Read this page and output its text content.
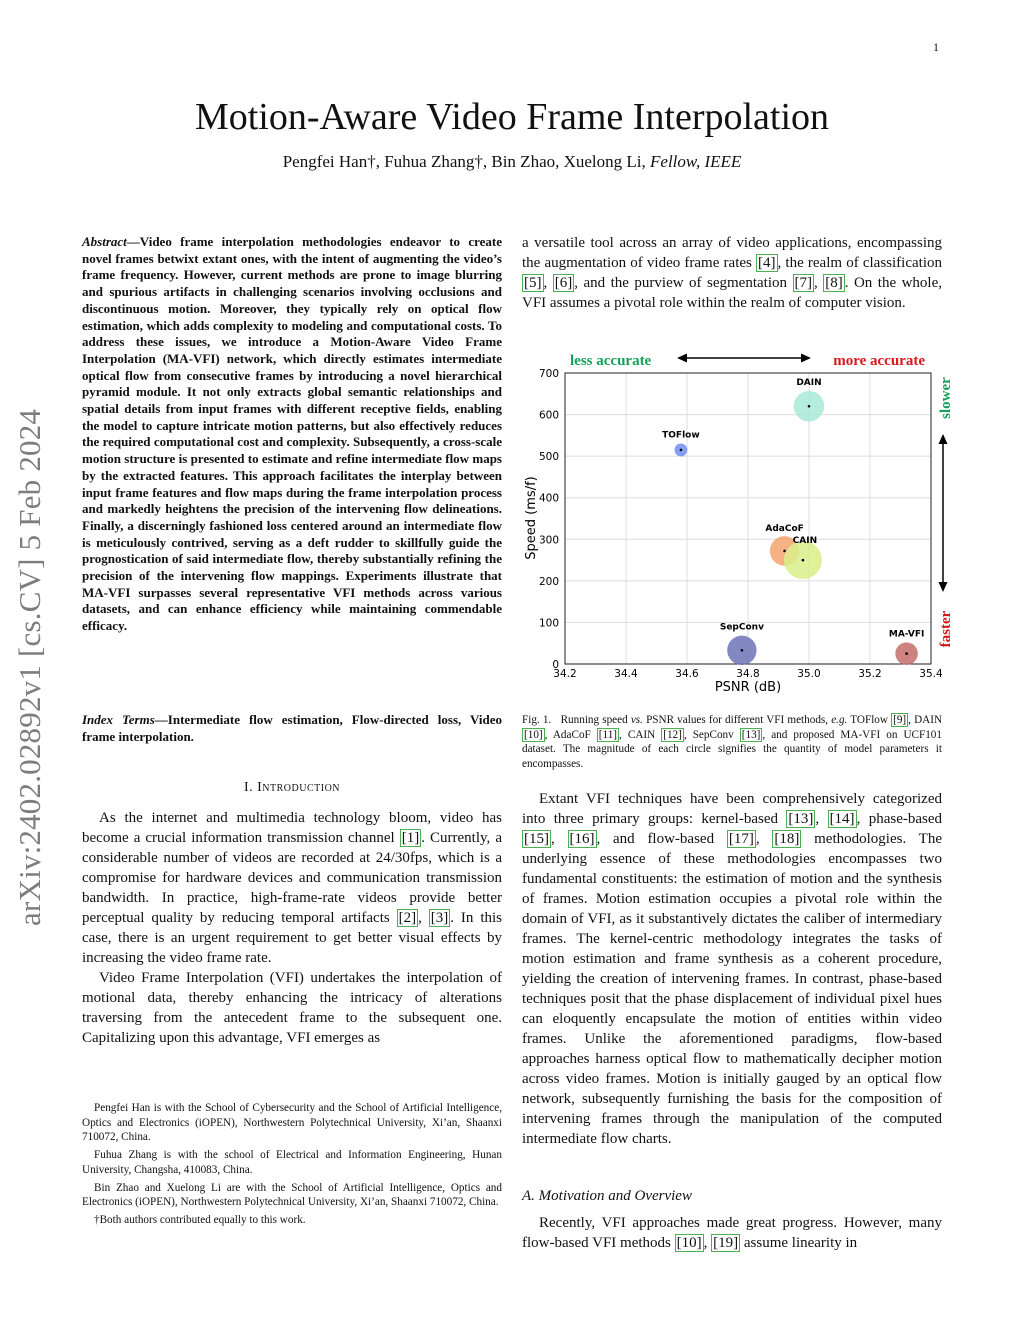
1
Motion-Aware Video Frame Interpolation
Pengfei Han†, Fuhua Zhang†, Bin Zhao, Xuelong Li, Fellow, IEEE
arXiv:2402.02892v1 [cs.CV] 5 Feb 2024
Abstract—Video frame interpolation methodologies endeavor to create novel frames betwixt extant ones, with the intent of augmenting the video’s frame frequency. However, current methods are prone to image blurring and spurious artifacts in challenging scenarios involving occlusions and discontinuous motion. Moreover, they typically rely on optical flow estimation, which adds complexity to modeling and computational costs. To address these issues, we introduce a Motion-Aware Video Frame Interpolation (MA-VFI) network, which directly estimates intermediate optical flow from consecutive frames by introducing a novel hierarchical pyramid module. It not only extracts global semantic relationships and spatial details from input frames with different receptive fields, enabling the model to capture intricate motion patterns, but also effectively reduces the required computational cost and complexity. Subsequently, a cross-scale motion structure is presented to estimate and refine intermediate flow maps by the extracted features. This approach facilitates the interplay between input frame features and flow maps during the frame interpolation process and markedly heightens the precision of the intervening flow delineations. Finally, a discerningly fashioned loss centered around an intermediate flow is meticulously contrived, serving as a deft rudder to skillfully guide the prognostication of said intermediate flow, thereby substantially refining the precision of the intervening flow mappings. Experiments illustrate that MA-VFI surpasses several representative VFI methods across various datasets, and can enhance efficiency while maintaining commendable efficacy.
Index Terms—Intermediate flow estimation, Flow-directed loss, Video frame interpolation.
I. Introduction

As the internet and multimedia technology bloom, video has become a crucial information transmission channel [1] . Currently, a considerable number of videos are recorded at 24/30fps, which is a compromise for hardware devices and communication transmission bandwidth. In practice, high-frame-rate videos provide better perceptual quality by reducing temporal artifacts [2] , [3] . In this case, there is an urgent requirement to get better visual effects by increasing the video frame rate.

Video Frame Interpolation (VFI) undertakes the interpolation of motional data, thereby enhancing the intricacy of alterations traversing from the antecedent frame to the subsequent one. Capitalizing upon this advantage, VFI emerges as

Pengfei Han is with the School of Cybersecurity and the School of Artificial Intelligence, Optics and Electronics (iOPEN), Northwestern Polytechnical University, Xi’an, Shaanxi 710072, China.

Fuhua Zhang is with the school of Electrical and Information Engineering, Hunan University, Changsha, 410083, China.

Bin Zhao and Xuelong Li are with the School of Artificial Intelligence, Optics and Electronics (iOPEN), Northwestern Polytechnical University, Xi’an, Shaanxi 710072, China.

†Both authors contributed equally to this work.

a versatile tool across an array of video applications, encompassing the augmentation of video frame rates [4] , the realm of classification [5] , [6] , and the purview of segmentation [7] , [8] . On the whole, VFI assumes a pivotal role within the realm of computer vision.

34.2	34.4	34.6	34.8	35.0	35.2	35.4
0
100
200
300
400
500
600
700
TOFlow
DAIN
AdaCoF
CAIN
SepConv
MA-VFI
PSNR (dB)
Speed (ms/f)
less accurate	more accurate
slower
faster
Fig. 1. Running speed vs. PSNR values for different VFI methods, e.g. TOFlow [9] , DAIN [10] , AdaCoF [11] , CAIN [12] , SepConv [13] , and proposed MA-VFI on UCF101 dataset. The magnitude of each circle signifies the quantity of model parameters it encompasses.

Extant VFI techniques have been comprehensively categorized into three primary groups: kernel-based [13] , [14] , phase-based [15] , [16] , and flow-based [17] , [18] methodologies. The underlying essence of these methodologies encompasses two fundamental constituents: the estimation of motion and the synthesis of frames. Motion estimation occupies a pivotal role within the domain of VFI, as it substantively dictates the caliber of intermediary frames. The kernel-centric methodology integrates the tasks of motion estimation and frame synthesis as a coherent procedure, yielding the creation of intervening frames. In contrast, phase-based techniques posit that the phase displacement of individual pixel hues can eloquently encapsulate the motion of entities within video frames. Unlike the aforementioned paradigms, flow-based approaches harness optical flow to mathematically decipher motion across video frames. Motion is initially gauged by an optical flow network, subsequently furnishing the basis for the composition of intervening frames through the manipulation of the computed intermediate flow charts.

A. Motivation and Overview

Recently, VFI approaches made great progress. However, many flow-based VFI methods [10] , [19] assume linearity in
